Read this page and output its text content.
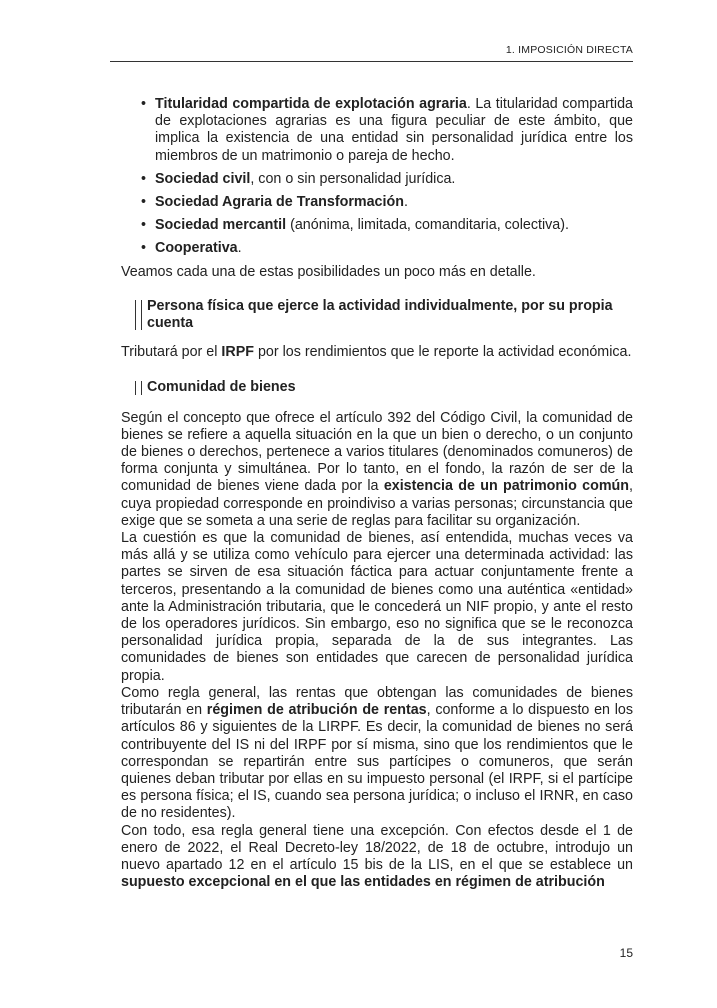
1. IMPOSICIÓN DIRECTA
• Titularidad compartida de explotación agraria. La titularidad compartida de explotaciones agrarias es una figura peculiar de este ámbito, que implica la existencia de una entidad sin personalidad jurídica entre los miembros de un matrimonio o pareja de hecho.
• Sociedad civil, con o sin personalidad jurídica.
• Sociedad Agraria de Transformación.
• Sociedad mercantil (anónima, limitada, comanditaria, colectiva).
• Cooperativa.

Veamos cada una de estas posibilidades un poco más en detalle.

Persona física que ejerce la actividad individualmente, por su propia cuenta

Tributará por el IRPF por los rendimientos que le reporte la actividad económica.

Comunidad de bienes

Según el concepto que ofrece el artículo 392 del Código Civil, la comunidad de bienes se refiere a aquella situación en la que un bien o derecho, o un conjunto de bienes o derechos, pertenece a varios titulares (denominados comuneros) de forma conjunta y simultánea. Por lo tanto, en el fondo, la razón de ser de la comunidad de bienes viene dada por la existencia de un patrimonio común, cuya propiedad corresponde en proindiviso a varias personas; circunstancia que exige que se someta a una serie de reglas para facilitar su organización.

La cuestión es que la comunidad de bienes, así entendida, muchas veces va más allá y se utiliza como vehículo para ejercer una determinada actividad: las partes se sirven de esa situación fáctica para actuar conjuntamente frente a terceros, presentando a la comunidad de bienes como una auténtica «entidad» ante la Administración tributaria, que le concederá un NIF propio, y ante el resto de los operadores jurídicos. Sin embargo, eso no significa que se le reconozca personalidad jurídica propia, separada de la de sus integrantes. Las comunidades de bienes son entidades que carecen de personalidad jurídica propia.

Como regla general, las rentas que obtengan las comunidades de bienes tributarán en régimen de atribución de rentas, conforme a lo dispuesto en los artículos 86 y siguientes de la LIRPF. Es decir, la comunidad de bienes no será contribuyente del IS ni del IRPF por sí misma, sino que los rendimientos que le correspondan se repartirán entre sus partícipes o comuneros, que serán quienes deban tributar por ellas en su impuesto personal (el IRPF, si el partícipe es persona física; el IS, cuando sea persona jurídica; o incluso el IRNR, en caso de no residentes).

Con todo, esa regla general tiene una excepción. Con efectos desde el 1 de enero de 2022, el Real Decreto-ley 18/2022, de 18 de octubre, introdujo un nuevo apartado 12 en el artículo 15 bis de la LIS, en el que se establece un supuesto excepcional en el que las entidades en régimen de atribución

15
